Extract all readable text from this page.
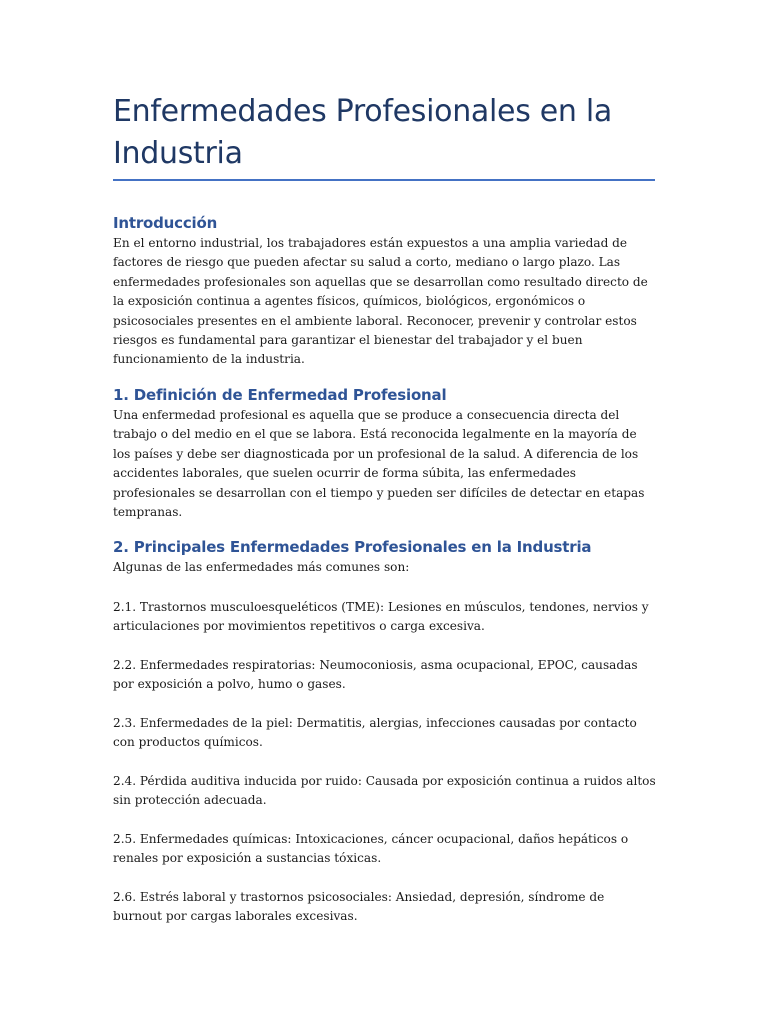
Enfermedades Profesionales en la Industria
Introducción

En el entorno industrial, los trabajadores están expuestos a una amplia variedad de factores de riesgo que pueden afectar su salud a corto, mediano o largo plazo. Las enfermedades profesionales son aquellas que se desarrollan como resultado directo de la exposición continua a agentes físicos, químicos, biológicos, ergonómicos o psicosociales presentes en el ambiente laboral. Reconocer, prevenir y controlar estos riesgos es fundamental para garantizar el bienestar del trabajador y el buen funcionamiento de la industria.

1. Definición de Enfermedad Profesional

Una enfermedad profesional es aquella que se produce a consecuencia directa del trabajo o del medio en el que se labora. Está reconocida legalmente en la mayoría de los países y debe ser diagnosticada por un profesional de la salud. A diferencia de los accidentes laborales, que suelen ocurrir de forma súbita, las enfermedades profesionales se desarrollan con el tiempo y pueden ser difíciles de detectar en etapas tempranas.

2. Principales Enfermedades Profesionales en la Industria

Algunas de las enfermedades más comunes son:

2.1. Trastornos musculoesqueléticos (TME): Lesiones en músculos, tendones, nervios y articulaciones por movimientos repetitivos o carga excesiva.

2.2. Enfermedades respiratorias: Neumoconiosis, asma ocupacional, EPOC, causadas por exposición a polvo, humo o gases.

2.3. Enfermedades de la piel: Dermatitis, alergias, infecciones causadas por contacto con productos químicos.

2.4. Pérdida auditiva inducida por ruido: Causada por exposición continua a ruidos altos sin protección adecuada.

2.5. Enfermedades químicas: Intoxicaciones, cáncer ocupacional, daños hepáticos o renales por exposición a sustancias tóxicas.

2.6. Estrés laboral y trastornos psicosociales: Ansiedad, depresión, síndrome de burnout por cargas laborales excesivas.
